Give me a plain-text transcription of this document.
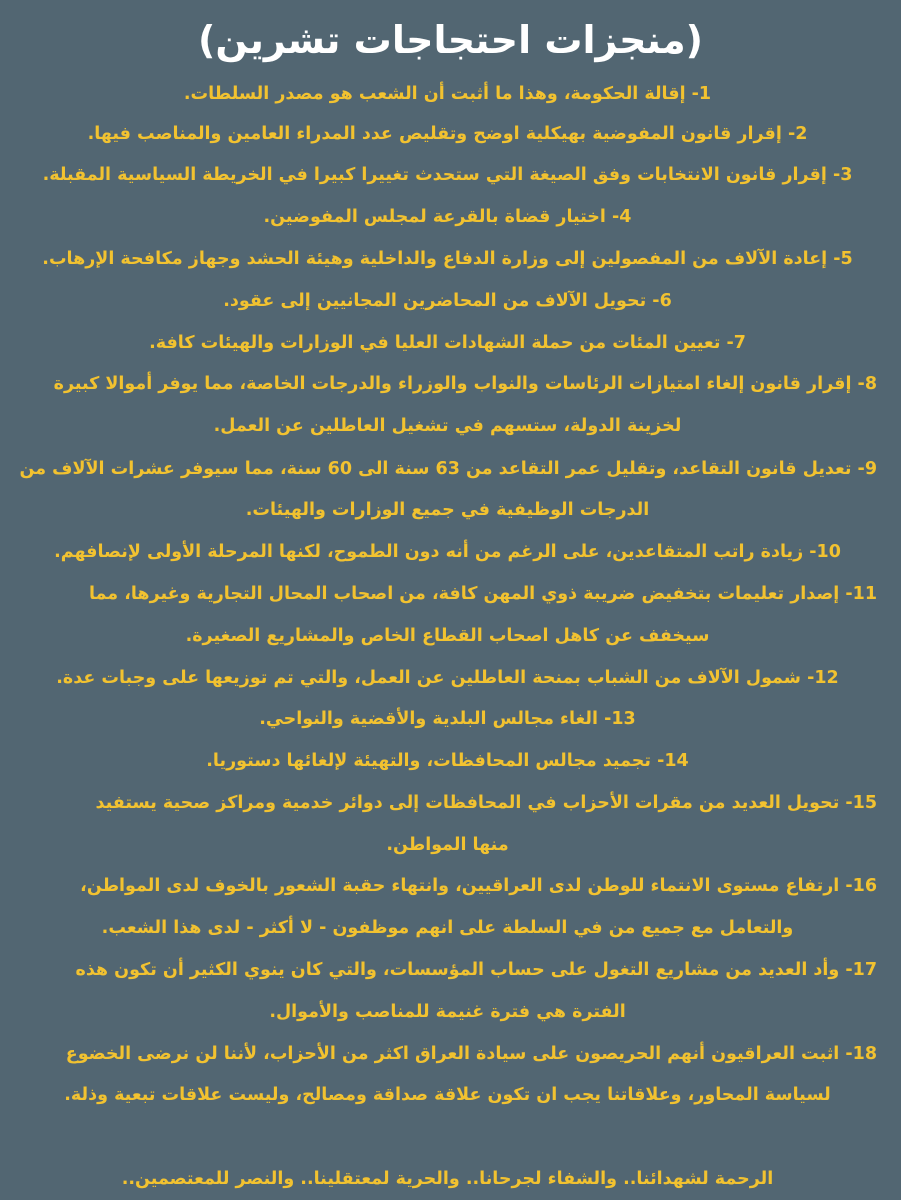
(منجزات احتجاجات تشرين)
1- إقالة الحكومة، وهذا ما أثبت أن الشعب هو مصدر السلطات.
2- إقرار قانون المفوضية بهيكلية اوضح وتقليص عدد المدراء العامين والمناصب فيها.
3- إقرار قانون الانتخابات وفق الصيغة التي ستحدث تغييرا كبيرا في الخريطة السياسية المقبلة.
4- اختيار قضاة بالقرعة لمجلس المفوضين.
5- إعادة الآلاف من المفصولين إلى وزارة الدفاع والداخلية وهيئة الحشد وجهاز مكافحة الإرهاب.
6- تحويل الآلاف من المحاضرين المجانيين إلى عقود.
7- تعيين المئات من حملة الشهادات العليا في الوزارات والهيئات كافة.
8- إقرار قانون إلغاء امتيازات الرئاسات والنواب والوزراء والدرجات الخاصة، مما يوفر أموالا كبيرة
لخزينة الدولة، ستسهم في تشغيل العاطلين عن العمل.
9- تعديل قانون التقاعد، وتقليل عمر التقاعد من 63 سنة الى 60 سنة، مما سيوفر عشرات الآلاف من
الدرجات الوظيفية في جميع الوزارات والهيئات.
10- زيادة راتب المتقاعدين، على الرغم من أنه دون الطموح، لكنها المرحلة الأولى لإنصافهم.
11- إصدار تعليمات بتخفيض ضريبة ذوي المهن كافة، من اصحاب المحال التجارية وغيرها، مما
سيخفف عن كاهل اصحاب القطاع الخاص والمشاريع الصغيرة.
12- شمول الآلاف من الشباب بمنحة العاطلين عن العمل، والتي تم توزيعها على وجبات عدة.
13- الغاء مجالس البلدية والأقضية والنواحي.
14- تجميد مجالس المحافظات، والتهيئة لإلغائها دستوريا.
15- تحويل العديد من مقرات الأحزاب في المحافظات إلى دوائر خدمية ومراكز صحية يستفيد
منها المواطن.
16- ارتفاع مستوى الانتماء للوطن لدى العراقيين، وانتهاء حقبة الشعور بالخوف لدى المواطن،
والتعامل مع جميع من في السلطة على انهم موظفون - لا أكثر - لدى هذا الشعب.
17- وأد العديد من مشاريع التغول على حساب المؤسسات، والتي كان ينوي الكثير أن تكون هذه
الفترة هي فترة غنيمة للمناصب والأموال.
18- اثبت العراقيون أنهم الحريصون على سيادة العراق اكثر من الأحزاب، لأننا لن نرضى الخضوع
لسياسة المحاور، وعلاقاتنا يجب ان تكون علاقة صداقة ومصالح، وليست علاقات تبعية وذلة.
الرحمة لشهدائنا.. والشفاء لجرحانا.. والحرية لمعتقلينا.. والنصر للمعتصمين..
